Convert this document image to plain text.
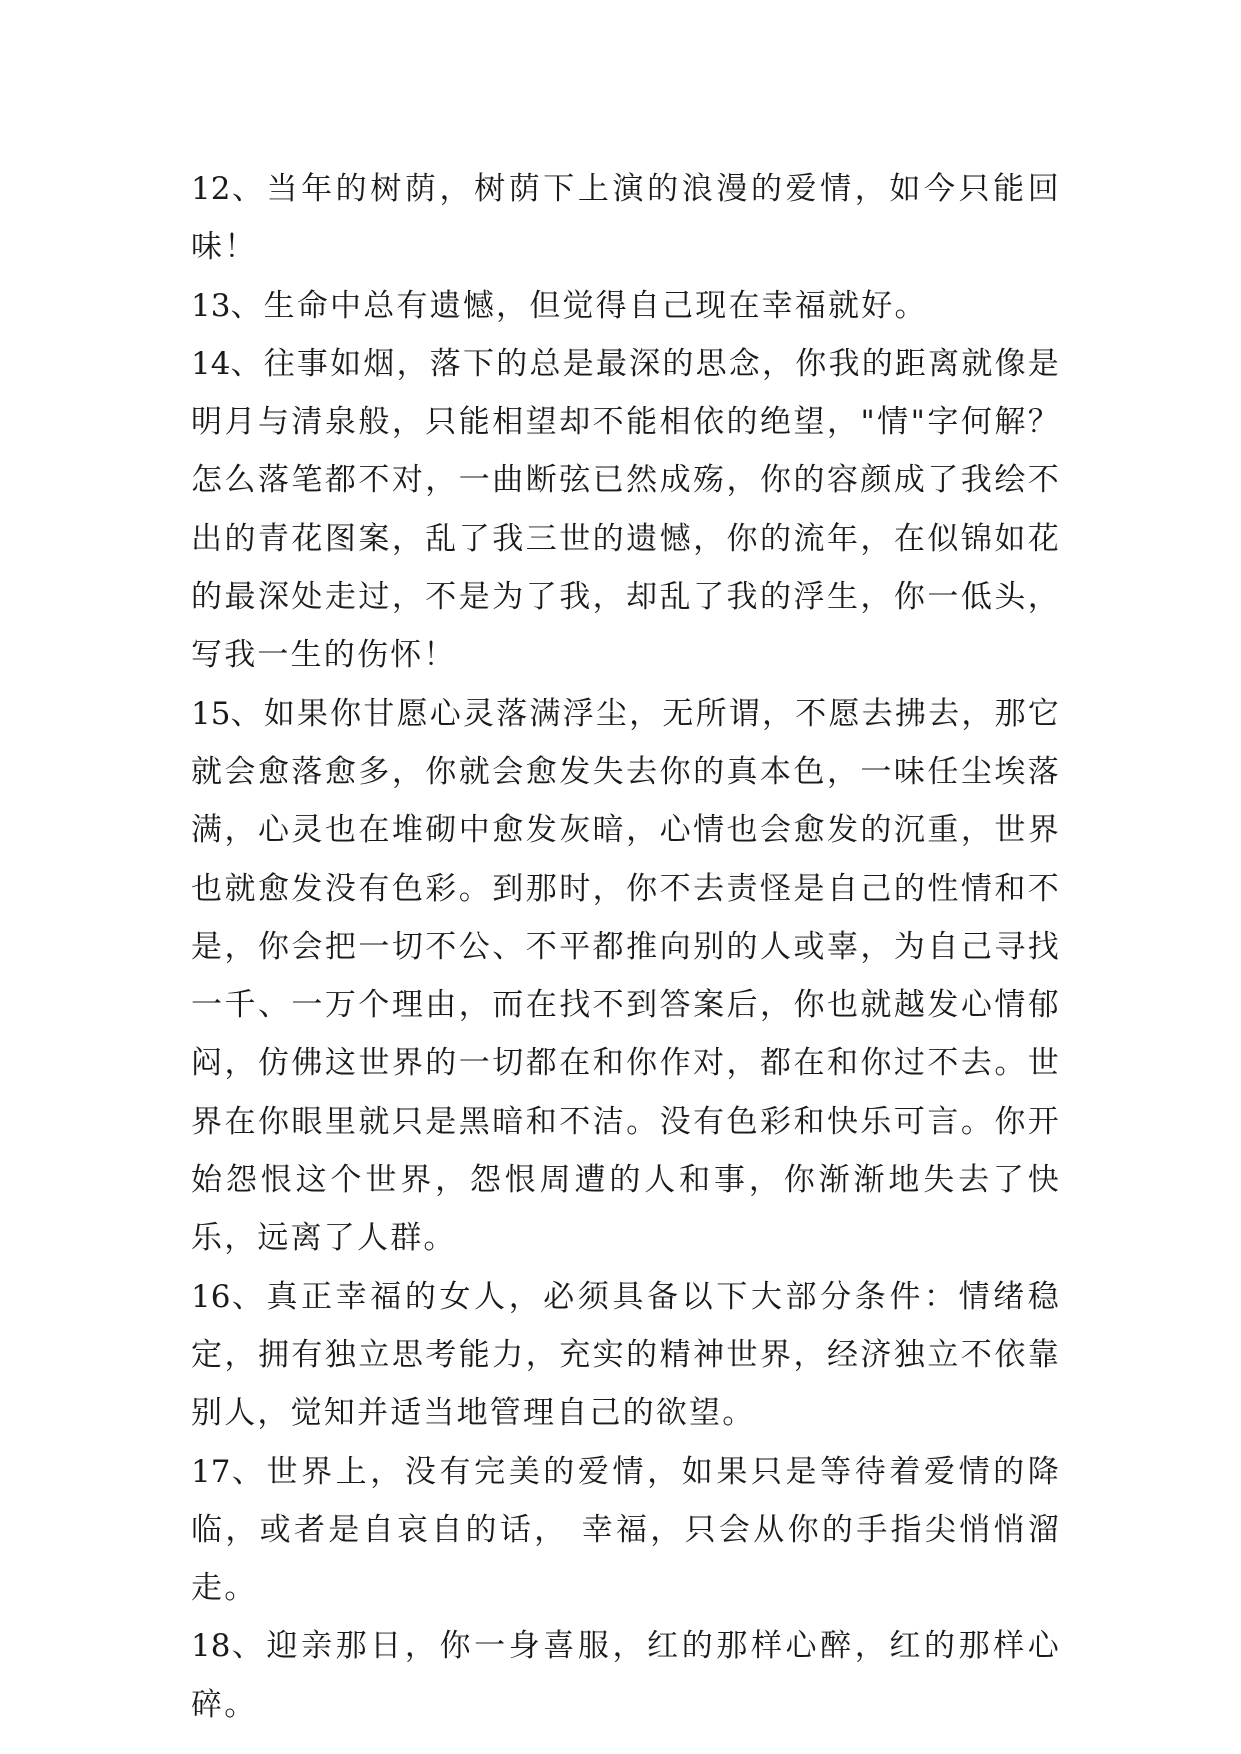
12、当年的树荫，树荫下上演的浪漫的爱情，如今只能回味！

13、生命中总有遗憾，但觉得自己现在幸福就好。

14、往事如烟，落下的总是最深的思念，你我的距离就像是明月与清泉般，只能相望却不能相依的绝望，"情"字何解？怎么落笔都不对，一曲断弦已然成殇，你的容颜成了我绘不出的青花图案，乱了我三世的遗憾，你的流年，在似锦如花的最深处走过，不是为了我，却乱了我的浮生，你一低头，写我一生的伤怀！

15、如果你甘愿心灵落满浮尘，无所谓，不愿去拂去，那它就会愈落愈多，你就会愈发失去你的真本色，一味任尘埃落满，心灵也在堆砌中愈发灰暗，心情也会愈发的沉重，世界也就愈发没有色彩。到那时，你不去责怪是自己的性情和不是，你会把一切不公、不平都推向别的人或辜，为自己寻找一千、一万个理由，而在找不到答案后，你也就越发心情郁闷，仿佛这世界的一切都在和你作对，都在和你过不去。世界在你眼里就只是黑暗和不洁。没有色彩和快乐可言。你开始怨恨这个世界，怨恨周遭的人和事，你渐渐地失去了快乐，远离了人群。

16、真正幸福的女人，必须具备以下大部分条件：情绪稳定，拥有独立思考能力，充实的精神世界，经济独立不依靠别人，觉知并适当地管理自己的欲望。

17、世界上，没有完美的爱情，如果只是等待着爱情的降临，或者是自哀自的话， 幸福，只会从你的手指尖悄悄溜走。

18、迎亲那日，你一身喜服，红的那样心醉，红的那样心碎。
